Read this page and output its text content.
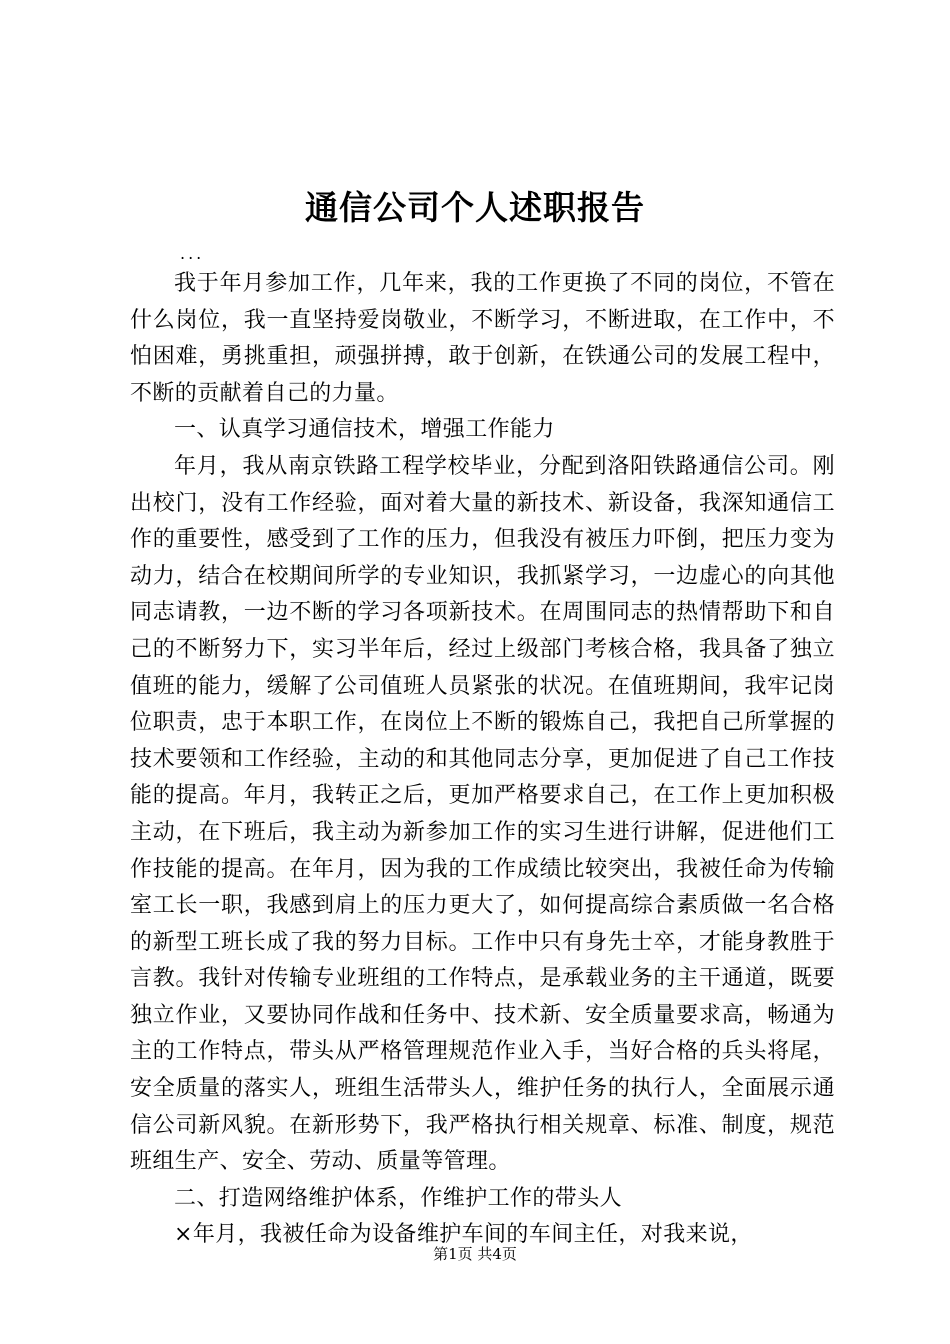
通信公司个人述职报告
...

我于年月参加工作，几年来，我的工作更换了不同的岗位，不管在什么岗位，我一直坚持爱岗敬业，不断学习，不断进取，在工作中，不怕困难，勇挑重担，顽强拼搏，敢于创新，在铁通公司的发展工程中，不断的贡献着自己的力量。

一、认真学习通信技术，增强工作能力

年月，我从南京铁路工程学校毕业，分配到洛阳铁路通信公司。刚出校门，没有工作经验，面对着大量的新技术、新设备，我深知通信工作的重要性，感受到了工作的压力，但我没有被压力吓倒，把压力变为动力，结合在校期间所学的专业知识，我抓紧学习，一边虚心的向其他同志请教，一边不断的学习各项新技术。在周围同志的热情帮助下和自己的不断努力下，实习半年后，经过上级部门考核合格，我具备了独立值班的能力，缓解了公司值班人员紧张的状况。在值班期间，我牢记岗位职责，忠于本职工作，在岗位上不断的锻炼自己，我把自己所掌握的技术要领和工作经验，主动的和其他同志分享，更加促进了自己工作技能的提高。年月，我转正之后，更加严格要求自己，在工作上更加积极主动，在下班后，我主动为新参加工作的实习生进行讲解，促进他们工作技能的提高。在年月，因为我的工作成绩比较突出，我被任命为传输室工长一职，我感到肩上的压力更大了，如何提高综合素质做一名合格的新型工班长成了我的努力目标。工作中只有身先士卒，才能身教胜于言教。我针对传输专业班组的工作特点，是承载业务的主干通道，既要独立作业，又要协同作战和任务中、技术新、安全质量要求高，畅通为主的工作特点，带头从严格管理规范作业入手，当好合格的兵头将尾，安全质量的落实人，班组生活带头人，维护任务的执行人，全面展示通信公司新风貌。在新形势下，我严格执行相关规章、标准、制度，规范班组生产、安全、劳动、质量等管理。

二、打造网络维护体系，作维护工作的带头人

×年月，我被任命为设备维护车间的车间主任，对我来说，

第1页 共4页
